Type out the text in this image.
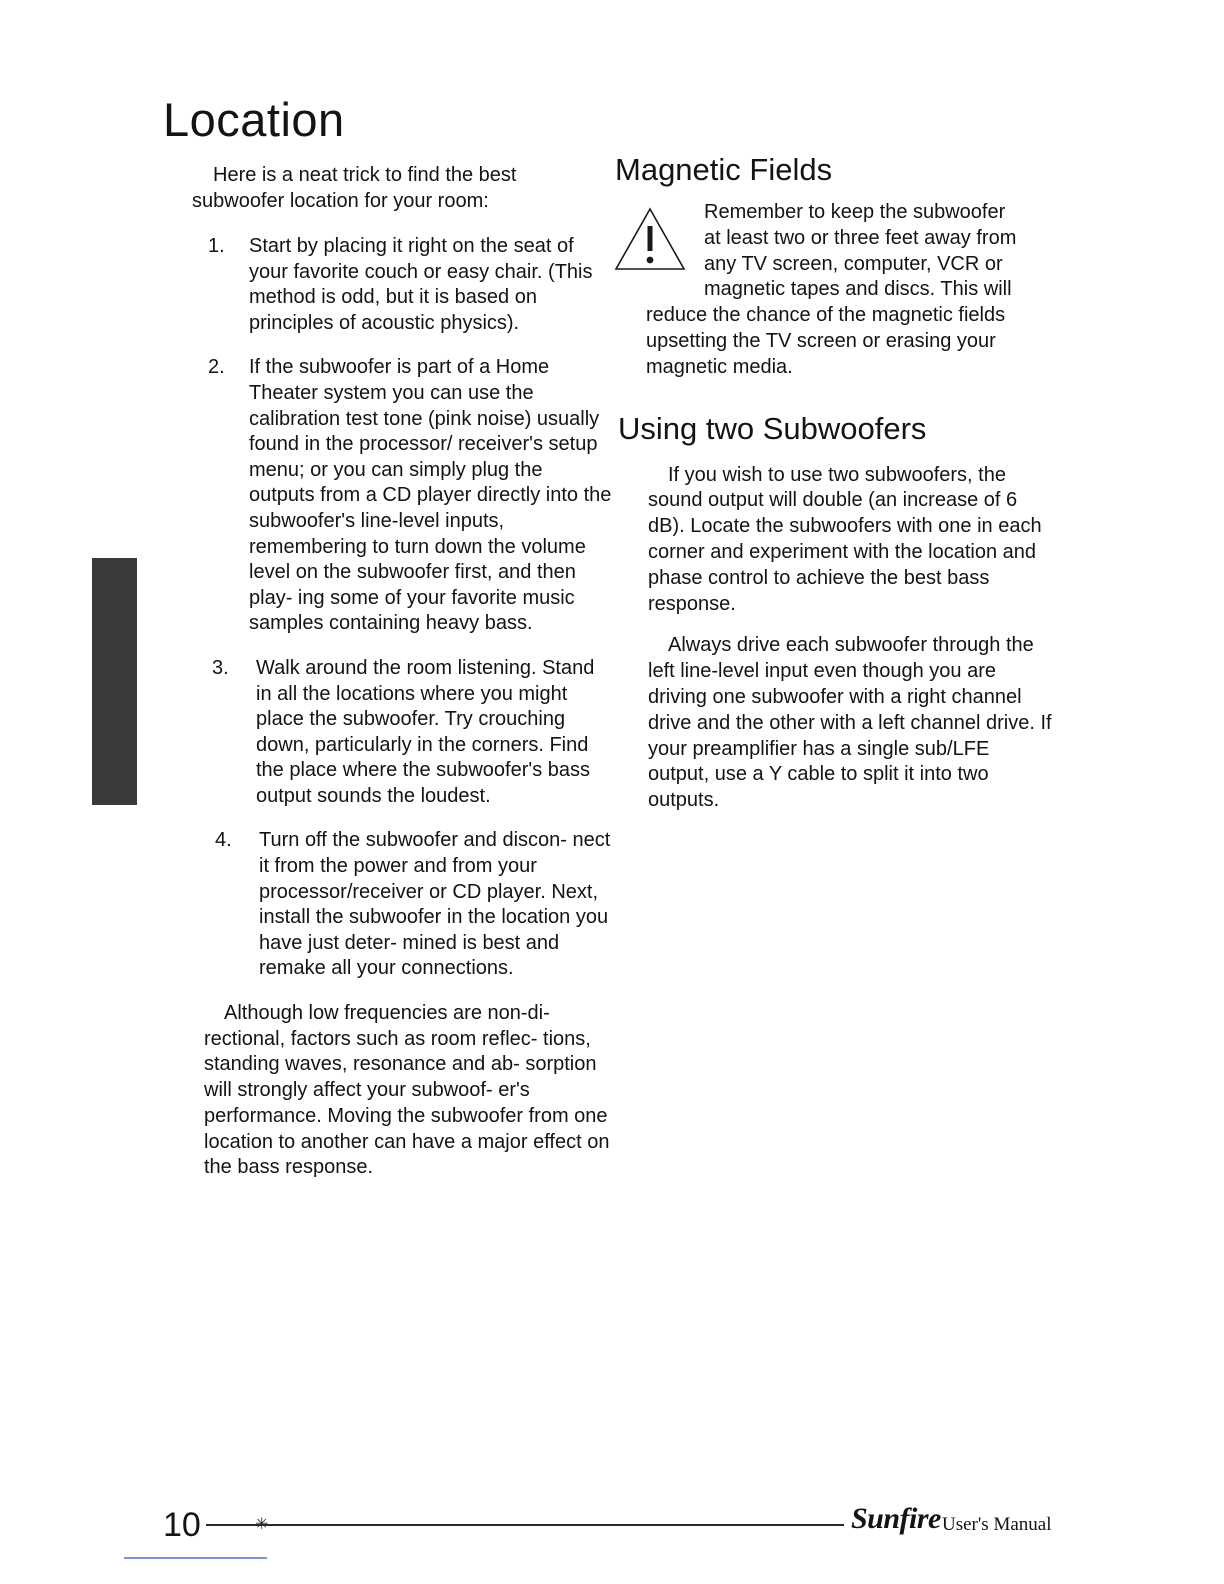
Location

Here is a neat trick to find the best subwoofer location for your room:

1. Start by placing it right on the seat of your favorite couch or easy chair. (This method is odd, but it is based on principles of acoustic physics).
2. If the subwoofer is part of a Home Theater system you can use the calibration test tone (pink noise) usually found in the processor/ receiver's setup menu; or you can simply plug the outputs from a CD player directly into the subwoofer's line-level inputs, remembering to turn down the volume level on the subwoofer first, and then play- ing some of your favorite music samples containing heavy bass.
3. Walk around the room listening. Stand in all the locations where you might place the subwoofer. Try crouching down, particularly in the corners. Find the place where the subwoofer's bass output sounds the loudest.
4. Turn off the subwoofer and discon- nect it from the power and from your processor/receiver or CD player. Next, install the subwoofer in the location you have just deter- mined is best and remake all your connections.

Although low frequencies are non-di- rectional, factors such as room reflec- tions, standing waves, resonance and ab- sorption will strongly affect your subwoof- er's performance. Moving the subwoofer from one location to another can have a major effect on the bass response.

Magnetic Fields

Remember to keep the subwoofer
at least two or three feet away from
any TV screen, computer, VCR or
magnetic tapes and discs. This will

reduce the chance of the magnetic fields upsetting the TV screen or erasing your magnetic media.

Using two Subwoofers

If you wish to use two subwoofers, the sound output will double (an increase of 6 dB). Locate the subwoofers with one in each corner and experiment with the location and phase control to achieve the best bass response.

Always drive each subwoofer through the left line-level input even though you are driving one subwoofer with a right channel drive and the other with a left channel drive. If your preamplifier has a single sub/LFE output, use a Y cable to split it into two outputs.

10	✳	Sunfire User's Manual
